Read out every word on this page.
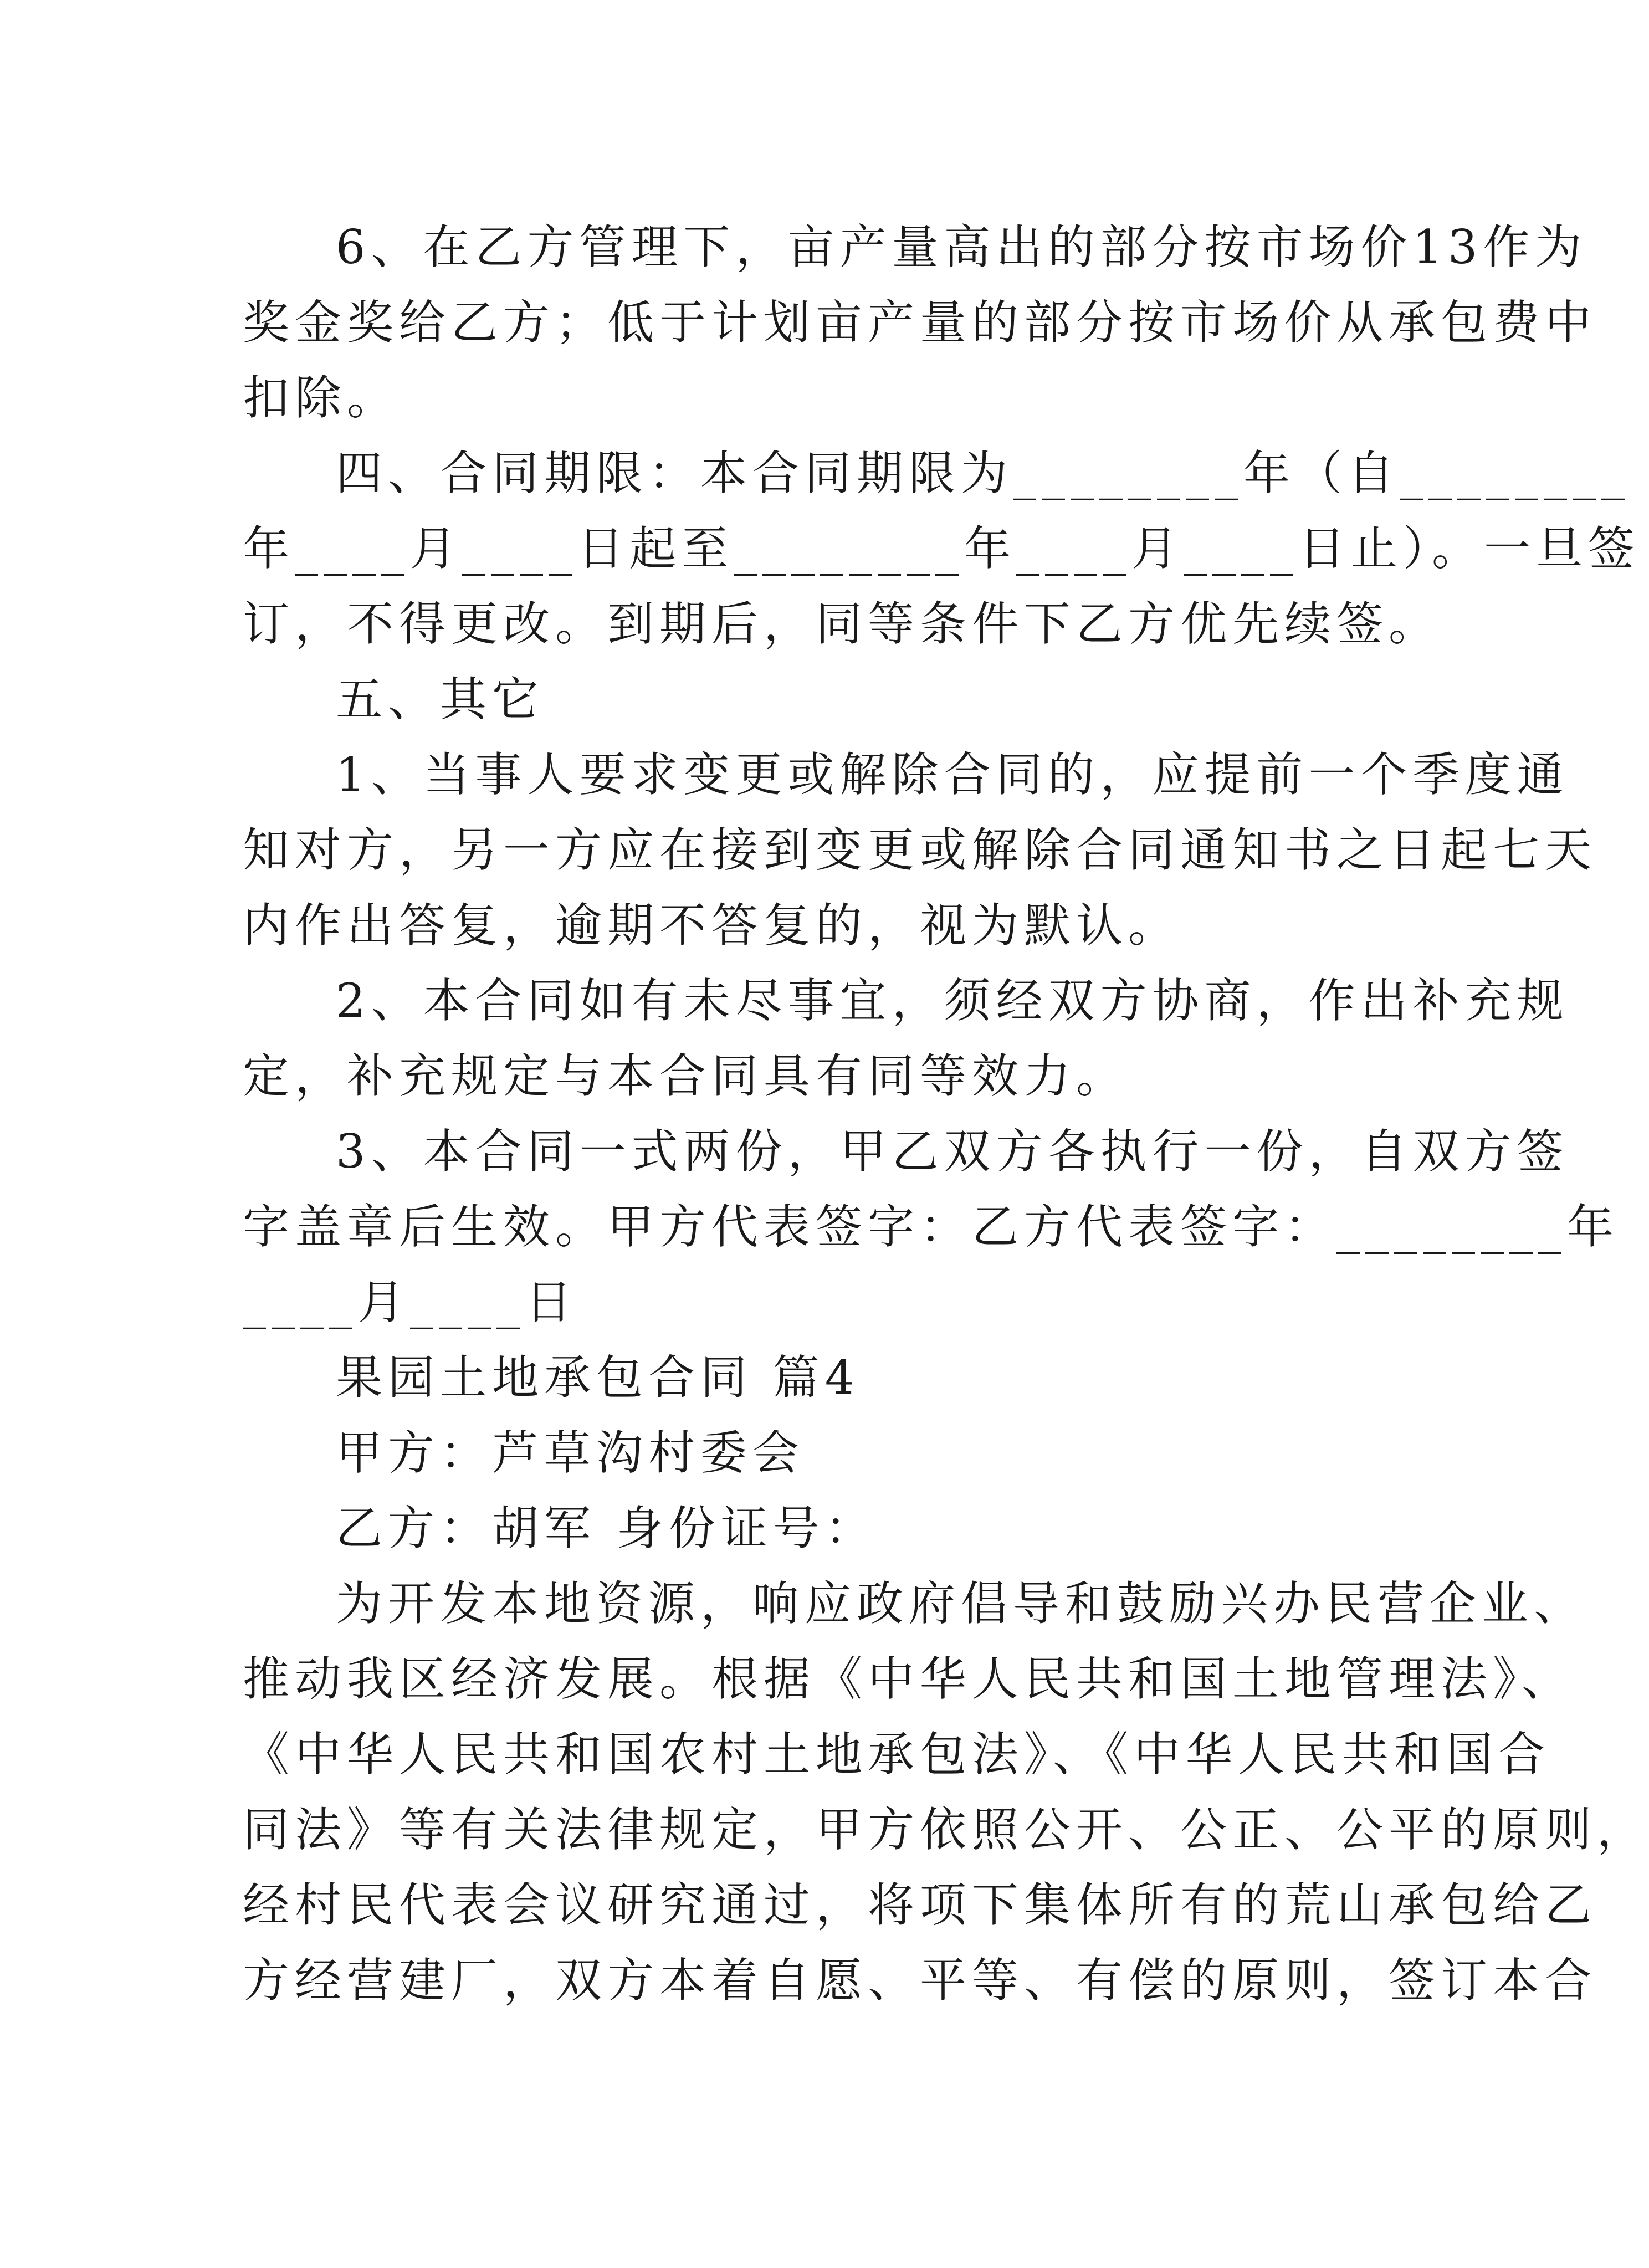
6、在乙方管理下，亩产量高出的部分按市场价13作为
奖金奖给乙方；低于计划亩产量的部分按市场价从承包费中
扣除。
四、合同期限：本合同期限为________年（自________
年____月____日起至________年____月____日止）。一旦签
订，不得更改。到期后，同等条件下乙方优先续签。
五、其它
1、当事人要求变更或解除合同的，应提前一个季度通
知对方，另一方应在接到变更或解除合同通知书之日起七天
内作出答复，逾期不答复的，视为默认。
2、本合同如有未尽事宜，须经双方协商，作出补充规
定，补充规定与本合同具有同等效力。
3、本合同一式两份，甲乙双方各执行一份，自双方签
字盖章后生效。甲方代表签字：乙方代表签字：________年
____月____日
果园土地承包合同 篇4
甲方：芦草沟村委会
乙方：胡军 身份证号：
为开发本地资源，响应政府倡导和鼓励兴办民营企业、
推动我区经济发展。根据《中华人民共和国土地管理法》、
《中华人民共和国农村土地承包法》、《中华人民共和国合
同法》等有关法律规定，甲方依照公开、公正、公平的原则，
经村民代表会议研究通过，将项下集体所有的荒山承包给乙
方经营建厂，双方本着自愿、平等、有偿的原则，签订本合
